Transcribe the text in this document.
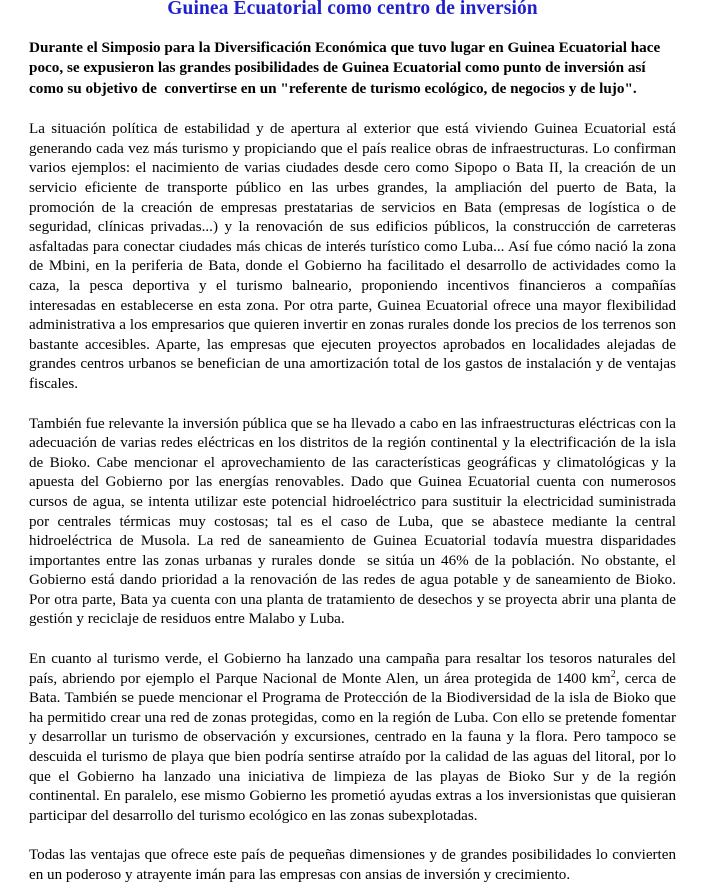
Guinea Ecuatorial como centro de inversión

Durante el Simposio para la Diversificación Económica que tuvo lugar en Guinea Ecuatorial hace poco, se expusieron las grandes posibilidades de Guinea Ecuatorial como punto de inversión así como su objetivo de  convertirse en un "referente de turismo ecológico, de negocios y de lujo".

La situación política de estabilidad y de apertura al exterior que está viviendo Guinea Ecuatorial está generando cada vez más turismo y propiciando que el país realice obras de infraestructuras. Lo confirman varios ejemplos: el nacimiento de varias ciudades desde cero como Sipopo o Bata II, la creación de un servicio eficiente de transporte público en las urbes grandes, la ampliación del puerto de Bata, la promoción de la creación de empresas prestatarias de servicios en Bata (empresas de logística o de seguridad, clínicas privadas...) y la renovación de sus edificios públicos, la construcción de carreteras asfaltadas para conectar ciudades más chicas de interés turístico como Luba... Así fue cómo nació la zona de Mbini, en la periferia de Bata, donde el Gobierno ha facilitado el desarrollo de actividades como la caza, la pesca deportiva y el turismo balneario, proponiendo incentivos financieros a compañías interesadas en establecerse en esta zona. Por otra parte, Guinea Ecuatorial ofrece una mayor flexibilidad administrativa a los empresarios que quieren invertir en zonas rurales donde los precios de los terrenos son bastante accesibles. Aparte, las empresas que ejecuten proyectos aprobados en localidades alejadas de grandes centros urbanos se benefician de una amortización total de los gastos de instalación y de ventajas fiscales.

También fue relevante la inversión pública que se ha llevado a cabo en las infraestructuras eléctricas con la adecuación de varias redes eléctricas en los distritos de la región continental y la electrificación de la isla de Bioko. Cabe mencionar el aprovechamiento de las características geográficas y climatológicas y la apuesta del Gobierno por las energías renovables. Dado que Guinea Ecuatorial cuenta con numerosos cursos de agua, se intenta utilizar este potencial hidroeléctrico para sustituir la electricidad suministrada por centrales térmicas muy costosas; tal es el caso de Luba, que se abastece mediante la central hidroeléctrica de Musola. La red de saneamiento de Guinea Ecuatorial todavía muestra disparidades importantes entre las zonas urbanas y rurales donde  se sitúa un 46% de la población. No obstante, el Gobierno está dando prioridad a la renovación de las redes de agua potable y de saneamiento de Bioko. Por otra parte, Bata ya cuenta con una planta de tratamiento de desechos y se proyecta abrir una planta de  gestión y reciclaje de residuos entre Malabo y Luba.

En cuanto al turismo verde, el Gobierno ha lanzado una campaña para resaltar los tesoros naturales del país, abriendo por ejemplo el Parque Nacional de Monte Alen, un área protegida de 1400 $km^2$, cerca de Bata. También se puede mencionar el Programa de Protección de la Biodiversidad de la isla de Bioko que ha permitido crear una red de zonas protegidas, como en la región de Luba. Con ello se pretende fomentar y desarrollar un turismo de observación y excursiones, centrado en la fauna y la flora. Pero tampoco se descuida el turismo de playa que bien podría sentirse atraído por la calidad de las aguas del litoral, por lo que el Gobierno ha lanzado una iniciativa de limpieza de las playas de Bioko Sur y de la región continental. En paralelo, ese mismo Gobierno les prometió ayudas extras a los inversionistas que quisieran participar del desarrollo del turismo ecológico en las zonas subexplotadas.

Todas las ventajas que ofrece este país de pequeñas dimensiones y de grandes posibilidades lo convierten en un poderoso y atrayente imán para las empresas con ansias de inversión y crecimiento.
